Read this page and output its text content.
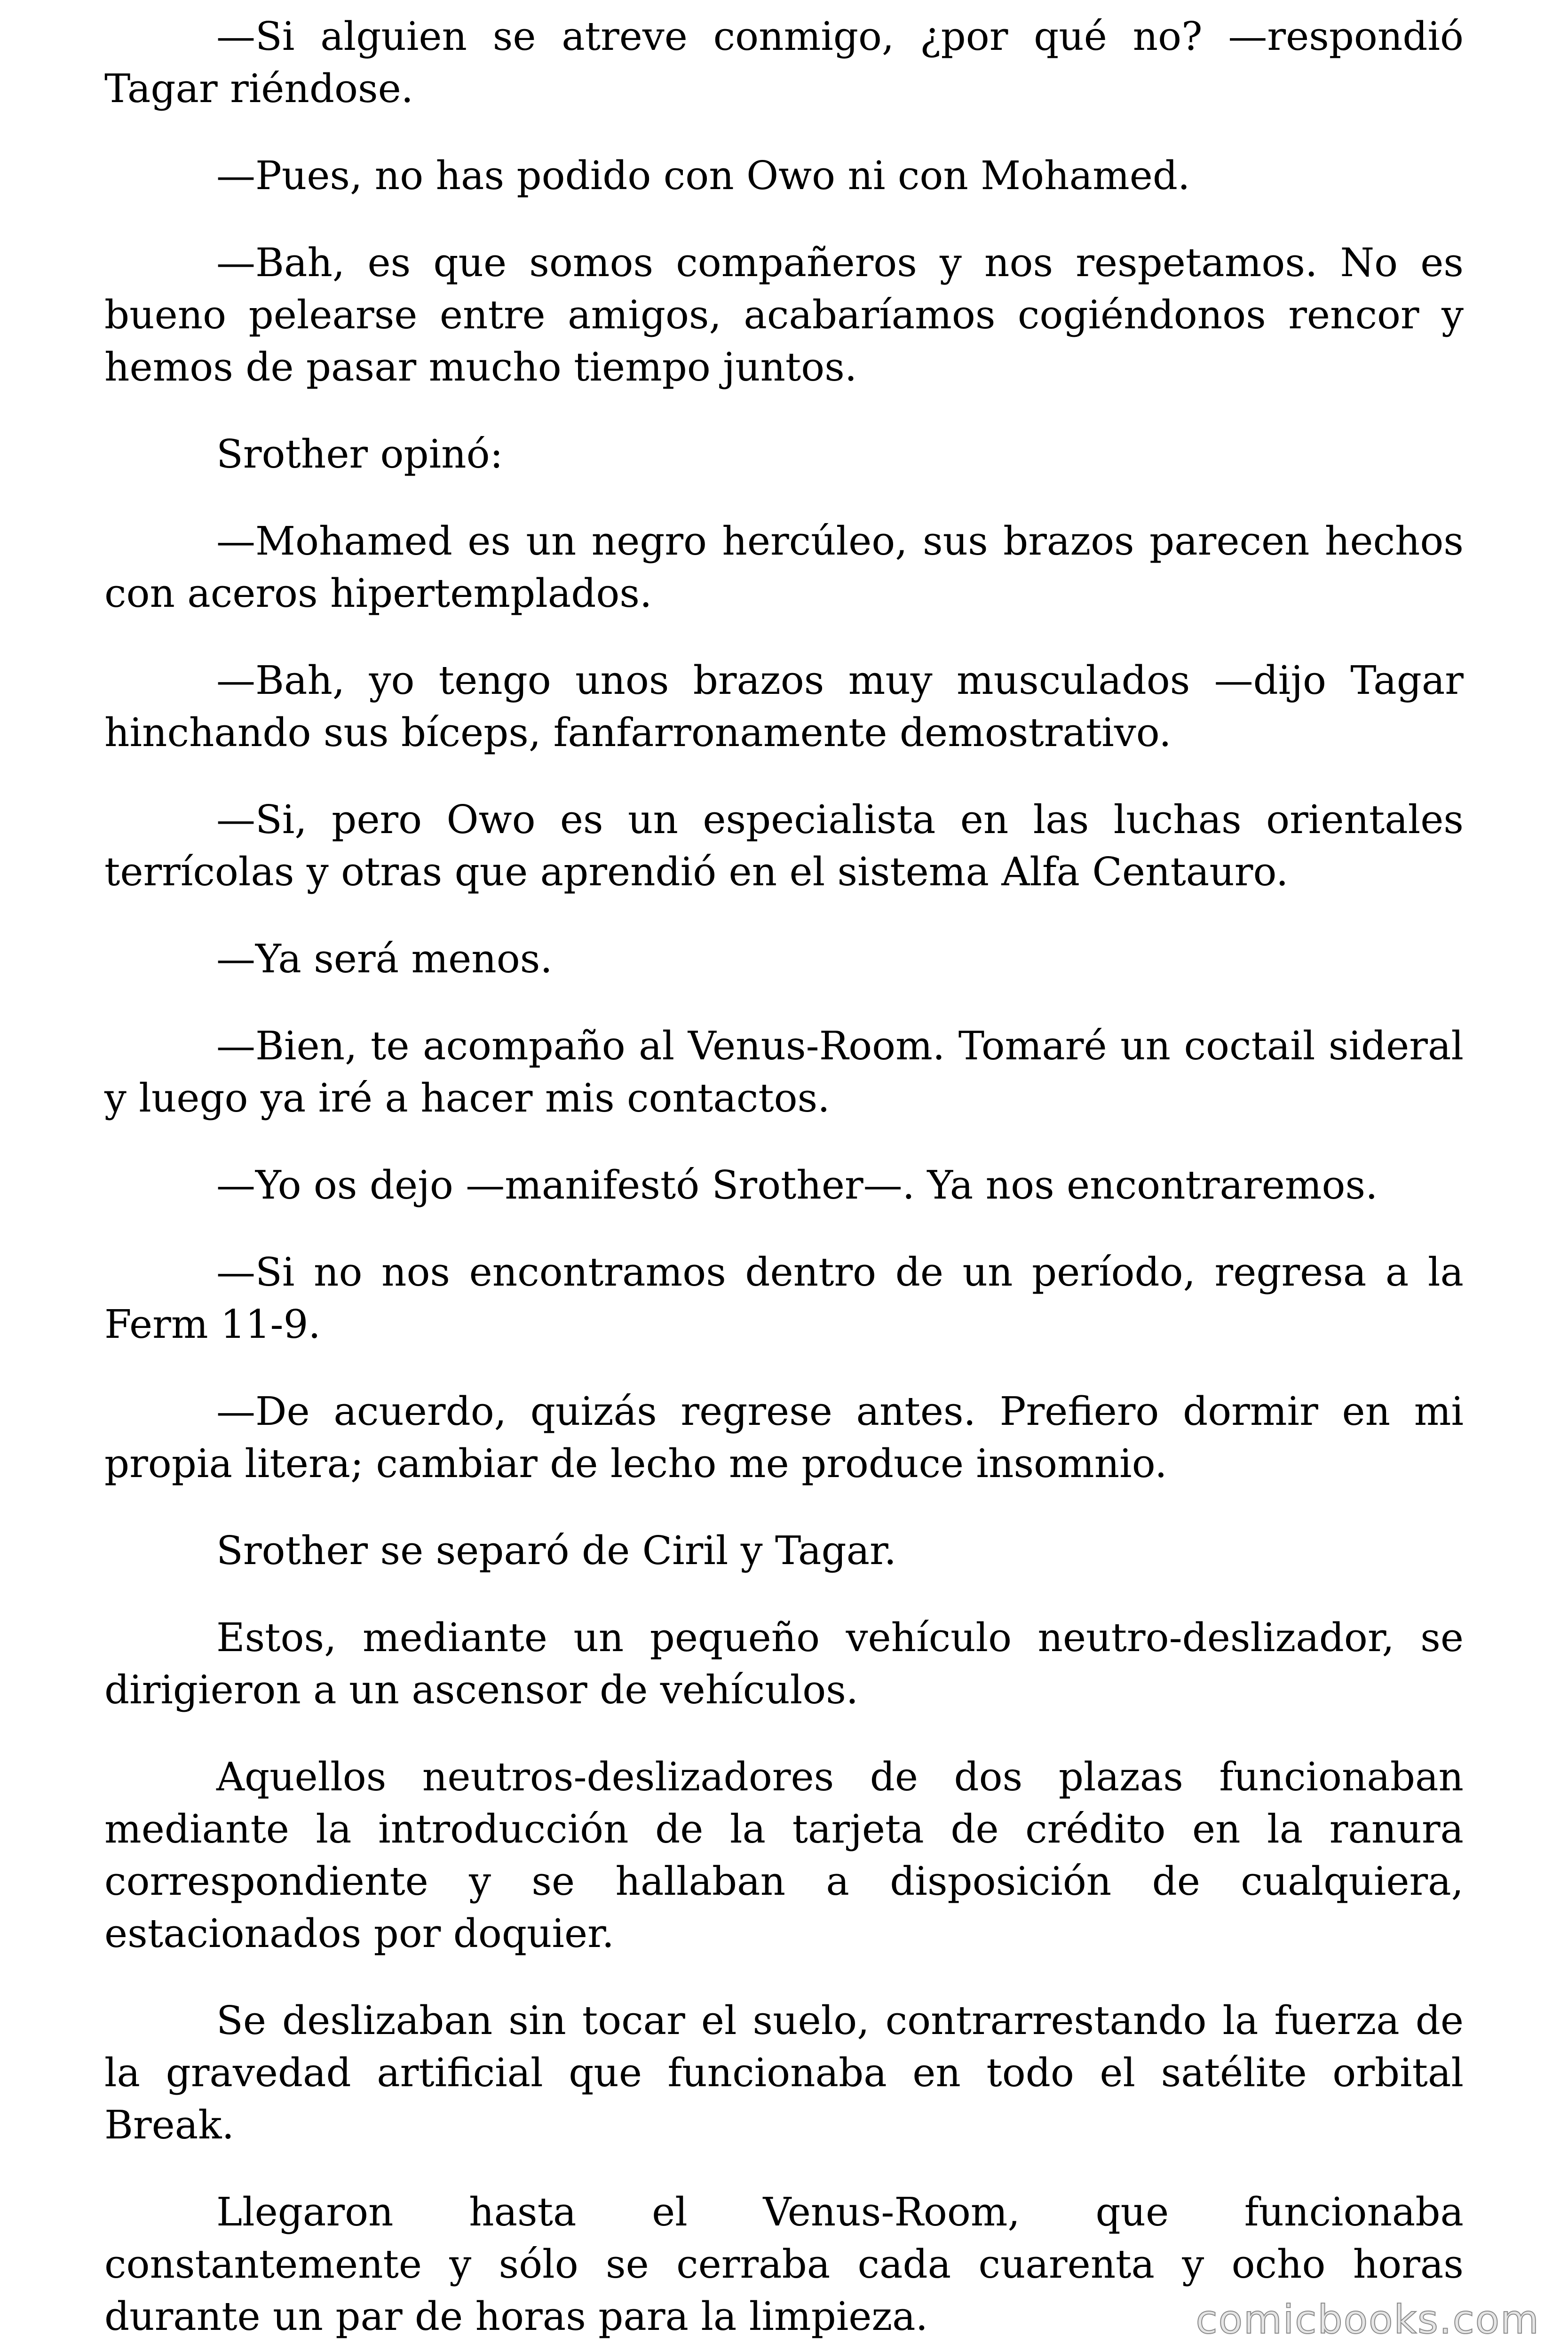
—Si alguien se atreve conmigo, ¿por qué no? —respondió Tagar riéndose.

—Pues, no has podido con Owo ni con Mohamed.

—Bah, es que somos compañeros y nos respetamos. No es bueno pelearse entre amigos, acabaríamos cogiéndonos rencor y hemos de pasar mucho tiempo juntos.

Srother opinó:

—Mohamed es un negro hercúleo, sus brazos parecen hechos con aceros hipertemplados.

—Bah, yo tengo unos brazos muy musculados —dijo Tagar hinchando sus bíceps, fanfarronamente demostrativo.

—Si, pero Owo es un especialista en las luchas orientales terrícolas y otras que aprendió en el sistema Alfa Centauro.

—Ya será menos.

—Bien, te acompaño al Venus-Room. Tomaré un coctail sideral y luego ya iré a hacer mis contactos.

—Yo os dejo —manifestó Srother—. Ya nos encontraremos.

—Si no nos encontramos dentro de un período, regresa a la Ferm 11-9.

—De acuerdo, quizás regrese antes. Prefiero dormir en mi propia litera; cambiar de lecho me produce insomnio.

Srother se separó de Ciril y Tagar.

Estos, mediante un pequeño vehículo neutro-deslizador, se dirigieron a un ascensor de vehículos.

Aquellos neutros-deslizadores de dos plazas funcionaban mediante la introducción de la tarjeta de crédito en la ranura correspondiente y se hallaban a disposición de cualquiera, estacionados por doquier.

Se deslizaban sin tocar el suelo, contrarrestando la fuerza de la gravedad artificial que funcionaba en todo el satélite orbital Break.

Llegaron hasta el Venus-Room, que funcionaba constantemente y sólo se cerraba cada cuarenta y ocho horas durante un par de horas para la limpieza.	comicbooks.com
